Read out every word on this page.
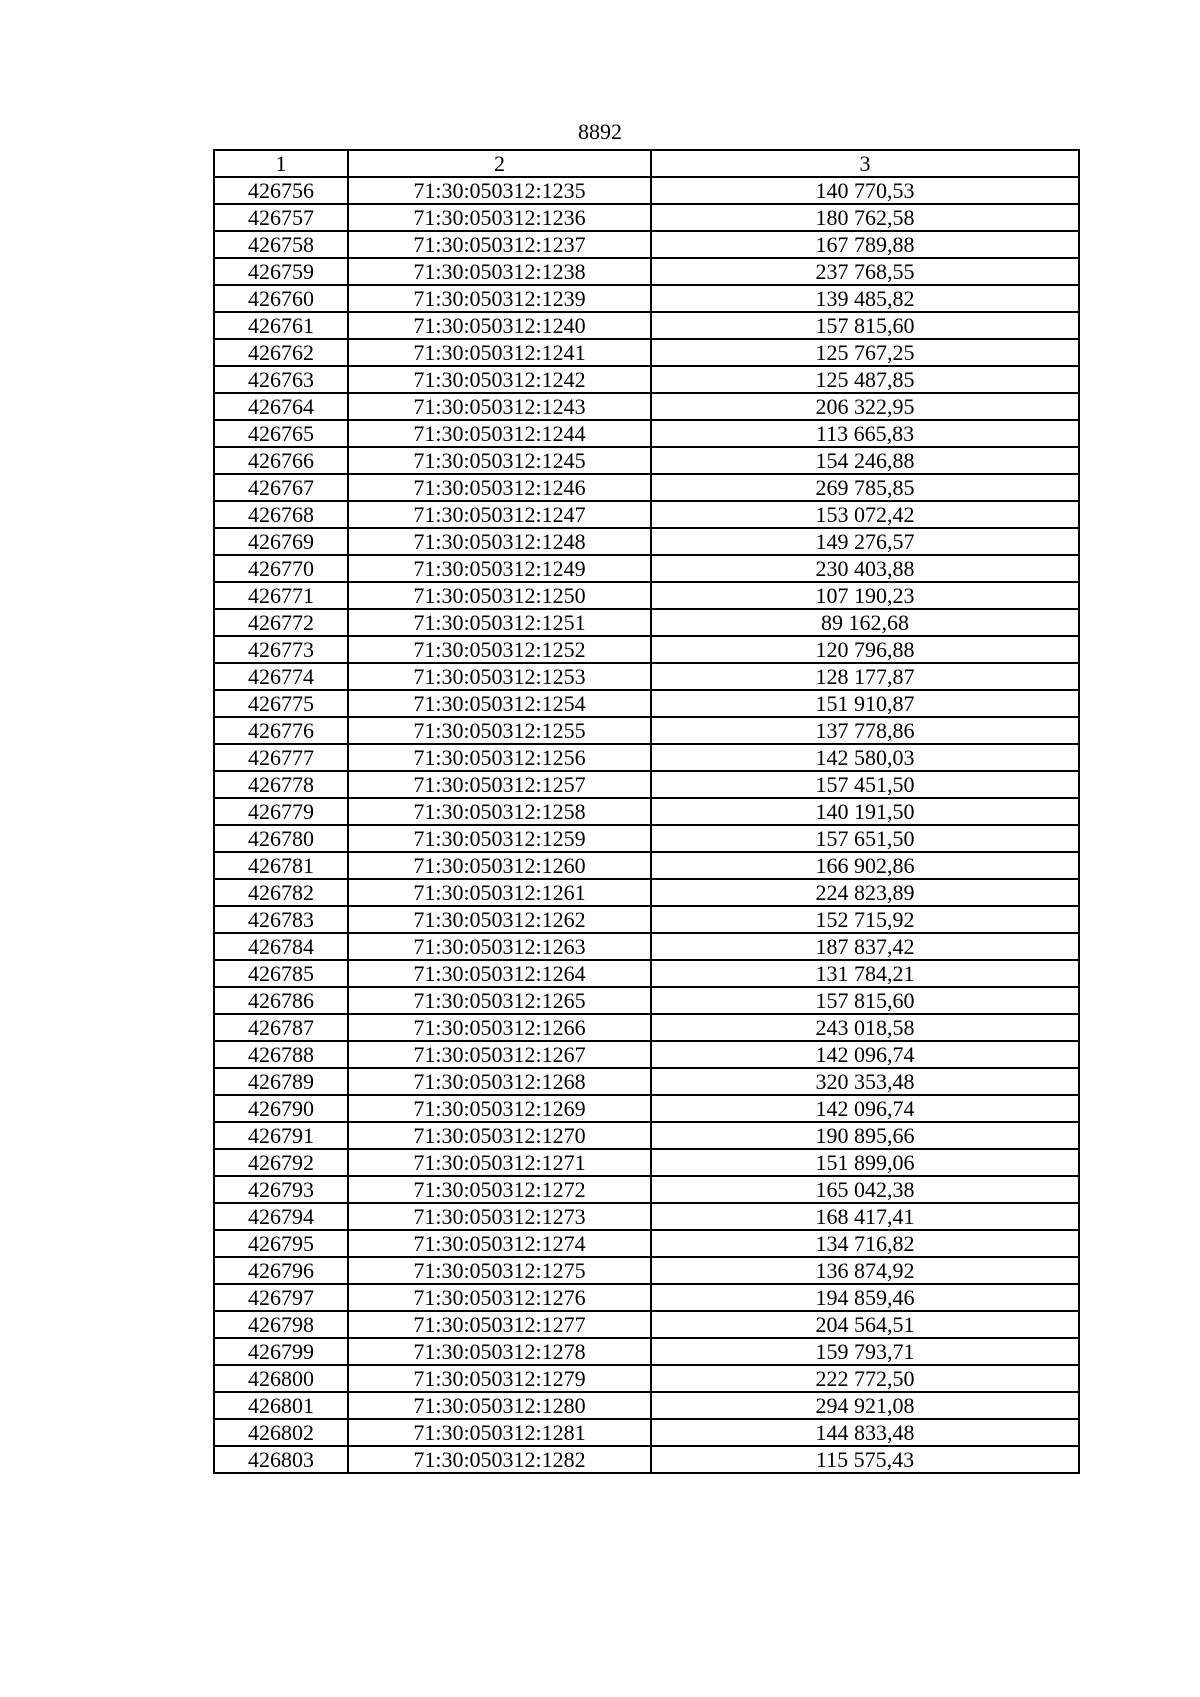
8892
1	2	3
426756	71:30:050312:1235	140 770,53
426757	71:30:050312:1236	180 762,58
426758	71:30:050312:1237	167 789,88
426759	71:30:050312:1238	237 768,55
426760	71:30:050312:1239	139 485,82
426761	71:30:050312:1240	157 815,60
426762	71:30:050312:1241	125 767,25
426763	71:30:050312:1242	125 487,85
426764	71:30:050312:1243	206 322,95
426765	71:30:050312:1244	113 665,83
426766	71:30:050312:1245	154 246,88
426767	71:30:050312:1246	269 785,85
426768	71:30:050312:1247	153 072,42
426769	71:30:050312:1248	149 276,57
426770	71:30:050312:1249	230 403,88
426771	71:30:050312:1250	107 190,23
426772	71:30:050312:1251	89 162,68
426773	71:30:050312:1252	120 796,88
426774	71:30:050312:1253	128 177,87
426775	71:30:050312:1254	151 910,87
426776	71:30:050312:1255	137 778,86
426777	71:30:050312:1256	142 580,03
426778	71:30:050312:1257	157 451,50
426779	71:30:050312:1258	140 191,50
426780	71:30:050312:1259	157 651,50
426781	71:30:050312:1260	166 902,86
426782	71:30:050312:1261	224 823,89
426783	71:30:050312:1262	152 715,92
426784	71:30:050312:1263	187 837,42
426785	71:30:050312:1264	131 784,21
426786	71:30:050312:1265	157 815,60
426787	71:30:050312:1266	243 018,58
426788	71:30:050312:1267	142 096,74
426789	71:30:050312:1268	320 353,48
426790	71:30:050312:1269	142 096,74
426791	71:30:050312:1270	190 895,66
426792	71:30:050312:1271	151 899,06
426793	71:30:050312:1272	165 042,38
426794	71:30:050312:1273	168 417,41
426795	71:30:050312:1274	134 716,82
426796	71:30:050312:1275	136 874,92
426797	71:30:050312:1276	194 859,46
426798	71:30:050312:1277	204 564,51
426799	71:30:050312:1278	159 793,71
426800	71:30:050312:1279	222 772,50
426801	71:30:050312:1280	294 921,08
426802	71:30:050312:1281	144 833,48
426803	71:30:050312:1282	115 575,43
